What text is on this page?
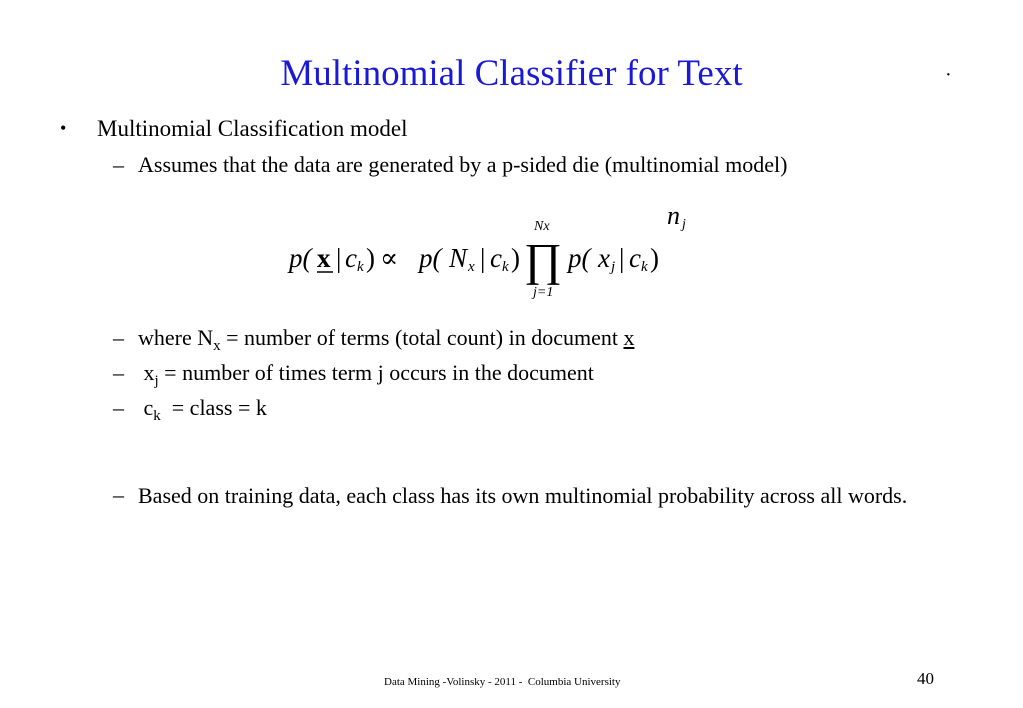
Multinomial Classifier for Text	·
• Multinomial Classification model
– Assumes that the data are generated by a p-sided die (multinomial model)
p( x | c k ) ∝ p( N x | c k ) ∏
Nx
j=1
p( x j | c k )
n j
– where $N_x$ = number of terms (total count) in document x
– $x_j$ = number of times term j occurs in the document
– $c_k$  = class = k
– Based on training data, each class has its own multinomial probability across all words.
Data Mining -Volinsky - 2011 -  Columbia University	40
